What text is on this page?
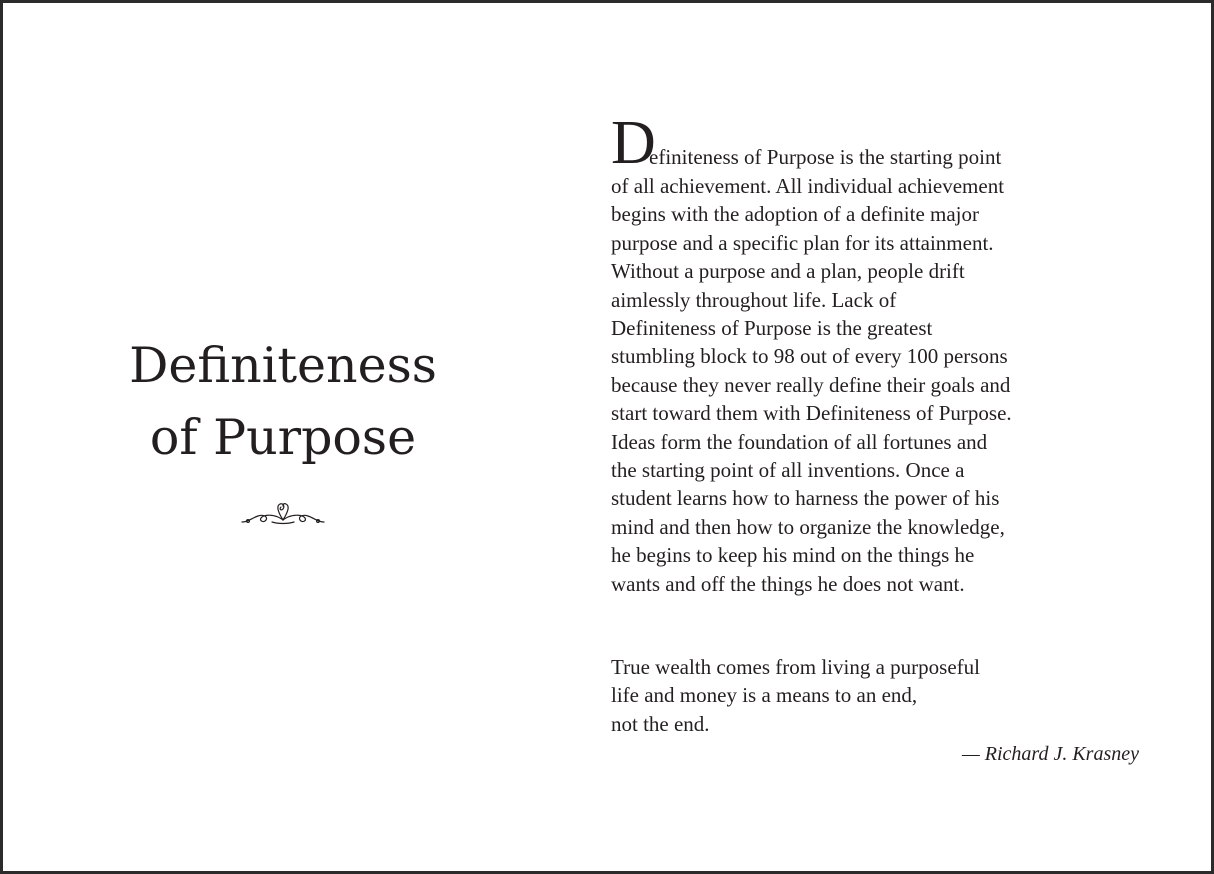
Definiteness
of Purpose
D
efiniteness of Purpose is the starting point
of all achievement. All individual achievement
begins with the adoption of a definite major
purpose and a specific plan for its attainment.
Without a purpose and a plan, people drift
aimlessly throughout life. Lack of
Definiteness of Purpose is the greatest
stumbling block to 98 out of every 100 persons
because they never really define their goals and
start toward them with Definiteness of Purpose.
Ideas form the foundation of all fortunes and
the starting point of all inventions. Once a
student learns how to harness the power of his
mind and then how to organize the knowledge,
he begins to keep his mind on the things he
wants and off the things he does not want.
True wealth comes from living a purposeful
life and money is a means to an end,
not the end.
— Richard J. Krasney
